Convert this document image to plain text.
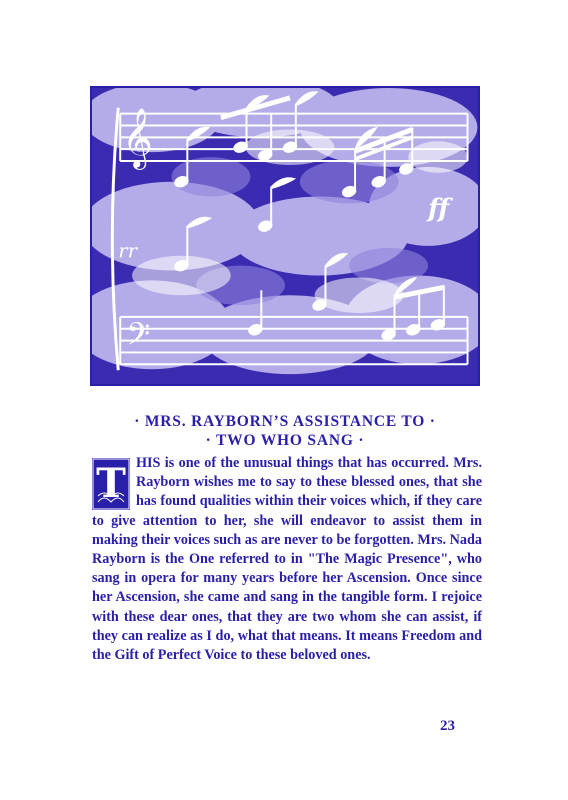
𝄞
𝄢
ff
rr
· MRS. RAYBORN’S ASSISTANCE TO ·
· TWO WHO SANG ·
T HIS is one of the unusual things that has occurred. Mrs. Rayborn wishes me to say to these blessed ones, that she has found qualities within their voices which, if they care to give attention to her, she will endeavor to assist them in making their voices such as are never to be forgotten. Mrs. Nada Rayborn is the One referred to in "The Magic Presence", who sang in opera for many years before her Ascension. Once since her Ascension, she came and sang in the tangible form. I rejoice with these dear ones, that they are two whom she can assist, if they can realize as I do, what that means. It means Freedom and the Gift of Perfect Voice to these beloved ones.
23
